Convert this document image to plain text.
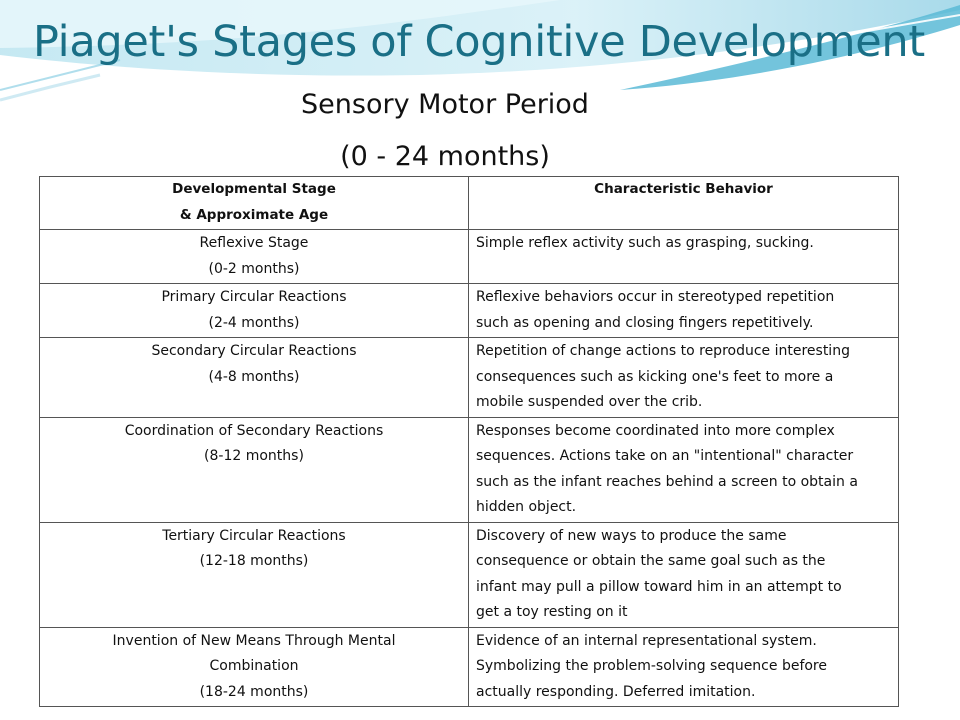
Piaget's Stages of Cognitive Development
Sensory Motor Period
(0 - 24 months)
Developmental Stage
& Approximate Age	Characteristic Behavior

Reflexive Stage
(0-2 months)	Simple reflex activity such as grasping, sucking.

Primary Circular Reactions
(2-4 months)	Reflexive behaviors occur in stereotyped repetition
such as opening and closing fingers repetitively.

Secondary Circular Reactions
(4-8 months)	Repetition of change actions to reproduce interesting
consequences such as kicking one's feet to more a
mobile suspended over the crib.

Coordination of Secondary Reactions
(8-12 months)	Responses become coordinated into more complex
sequences. Actions take on an "intentional" character
such as the infant reaches behind a screen to obtain a
hidden object.

Tertiary Circular Reactions
(12-18 months)	Discovery of new ways to produce the same
consequence or obtain the same goal such as the
infant may pull a pillow toward him in an attempt to
get a toy resting on it

Invention of New Means Through Mental
Combination
(18-24 months)	Evidence of an internal representational system.
Symbolizing the problem-solving sequence before
actually responding. Deferred imitation.
